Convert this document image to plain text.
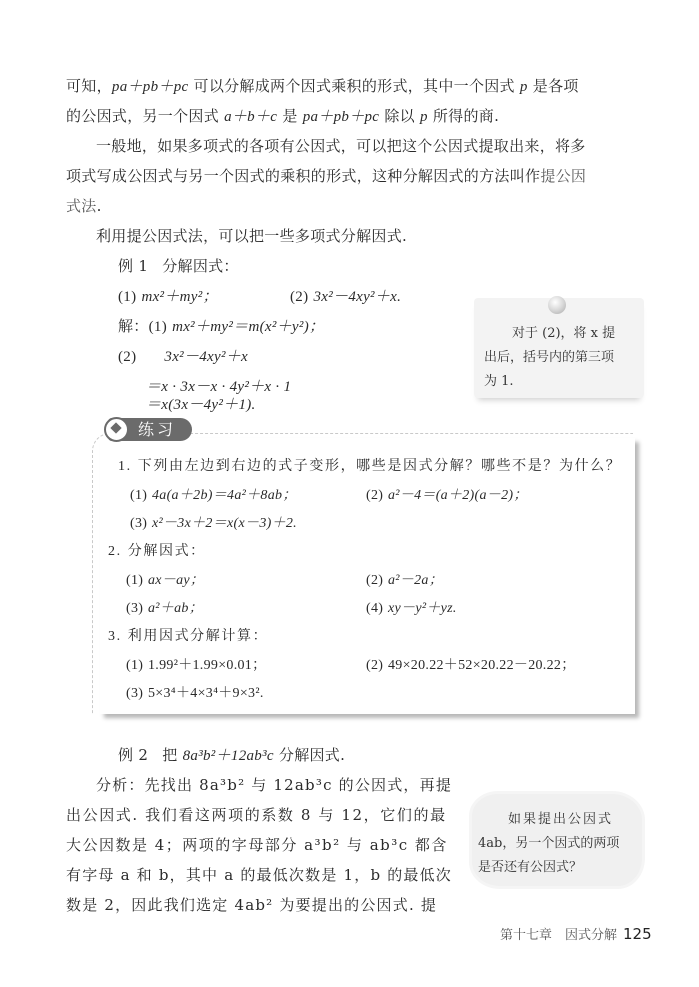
可知，pa＋pb＋pc 可以分解成两个因式乘积的形式，其中一个因式 p 是各项
的公因式，另一个因式 a＋b＋c 是 pa＋pb＋pc 除以 p 所得的商.
一般地，如果多项式的各项有公因式，可以把这个公因式提取出来，将多
项式写成公因式与另一个因式的乘积的形式，这种分解因式的方法叫作提公因
式法.
利用提公因式法，可以把一些多项式分解因式.
例 1 分解因式：
(1) mx²＋my²；	(2) 3x²－4xy²＋x.
解：(1) mx²＋my²＝m(x²＋y²)；
(2) 3x²－4xy²＋x
＝x · 3x－x · 4y²＋x · 1
＝x(3x－4y²＋1).
对于 (2)，将 x 提
出后，括号内的第三项
为 1.
练习
1. 下列由左边到右边的式子变形，哪些是因式分解？哪些不是？为什么？
(1) 4a(a＋2b)＝4a²＋8ab；	(2) a²－4＝(a＋2)(a－2)；
(3) x²－3x＋2＝x(x－3)＋2.
2. 分解因式：
(1) ax－ay；	(2) a²－2a；
(3) a²＋ab；	(4) xy－y²＋yz.
3. 利用因式分解计算：
(1) 1.99²＋1.99×0.01；	(2) 49×20.22＋52×20.22－20.22；
(3) 5×3⁴＋4×3⁴＋9×3².
例 2 把 8a³b²＋12ab³c 分解因式.
分析：先找出 8a³b² 与 12ab³c 的公因式，再提
出公因式. 我们看这两项的系数 8 与 12，它们的最
大公因数是 4；两项的字母部分 a³b² 与 ab³c 都含
有字母 a 和 b，其中 a 的最低次数是 1，b 的最低次
数是 2，因此我们选定 4ab² 为要提出的公因式. 提
如果提出公因式
4ab，另一个因式的两项
是否还有公因式？
第十七章　因式分解 125
